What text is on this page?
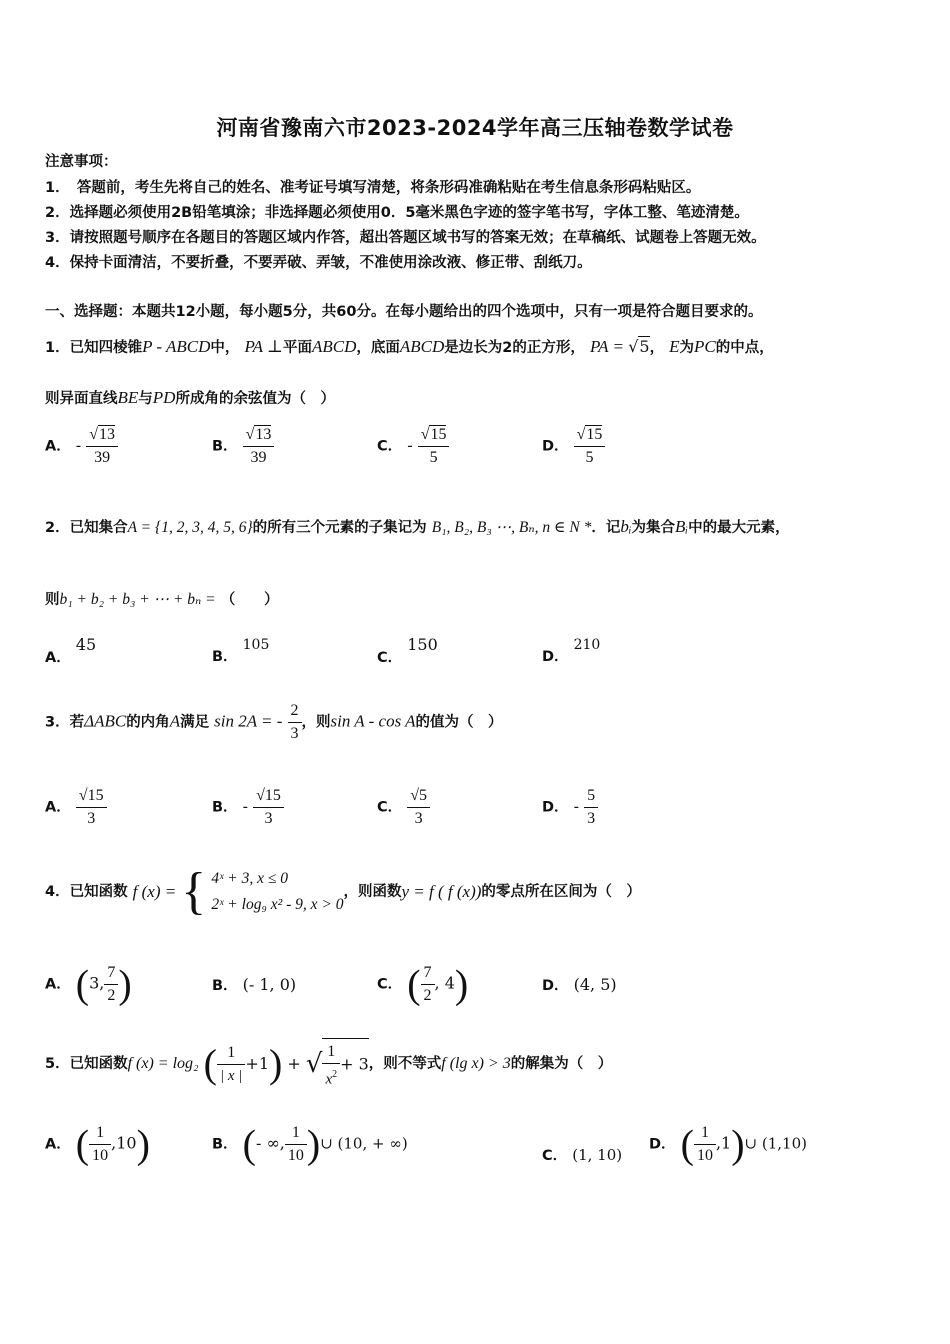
河南省豫南六市2023-2024学年高三压轴卷数学试卷
注意事项：
1．　答题前，考生先将自己的姓名、准考证号填写清楚，将条形码准确粘贴在考生信息条形码粘贴区。
2．选择题必须使用2B铅笔填涂；非选择题必须使用0．5毫米黑色字迹的签字笔书写，字体工整、笔迹清楚。
3．请按照题号顺序在各题目的答题区域内作答，超出答题区域书写的答案无效；在草稿纸、试题卷上答题无效。
4．保持卡面清洁，不要折叠，不要弄破、弄皱，不准使用涂改液、修正带、刮纸刀。
一、选择题：本题共12小题，每小题5分，共60分。在每小题给出的四个选项中，只有一项是符合题目要求的。
1．已知四棱锥P - ABCD中， PA ⊥平面ABCD，底面ABCD是边长为2的正方形， PA = √5， E为PC的中点，
则异面直线BE与PD所成角的余弦值为（　）
A． - $\frac{√13}{39}$	B． $\frac{√13}{39}$	C． - $\frac{√15}{5}$	D． $\frac{√15}{5}$
2．已知集合A = {1, 2, 3, 4, 5, 6}的所有三个元素的子集记为 B₁, B₂, B₃ ⋯, Bₙ, n ∈ N *．记bᵢ为集合Bᵢ中的最大元素，
则b₁ + b₂ + b₃ + ⋯ + bₙ = （　　）
A． 45
B． 105
C． 150
D． 210
3．若ΔABC的内角A满足 sin 2A = - $\frac{2}{3}$ ，则sin A - cos A的值为（　）
A． $\frac{√15}{3}$	B． - $\frac{√15}{3}$	C． $\frac{√5}{3}$	D． - $\frac{5}{3}$
4．已知函数 f (x) = { 4ˣ + 3, x ≤ 0
2ˣ + log₉ x² - 9, x > 0
，则函数y = f ( f (x))的零点所在区间为（　）
A． (3, $\frac{7}{2}$ )	B． (- 1, 0)	C． ( $\frac{7}{2}$ , 4)	D． (4, 5)
5．已知函数f (x) = log₂ ( $\frac{1}{| x |} +1$) + √ $\frac{1}{x^2} + 3$，则不等式f (lg x) > 3的解集为（　）
A． ( $\frac{1}{10} ,10$)	B． (- ∞, $\frac{1}{10}$ )∪ (10, + ∞)
C． (1, 10)
D． ( $\frac{1}{10}$ ,1)∪ (1,10)
